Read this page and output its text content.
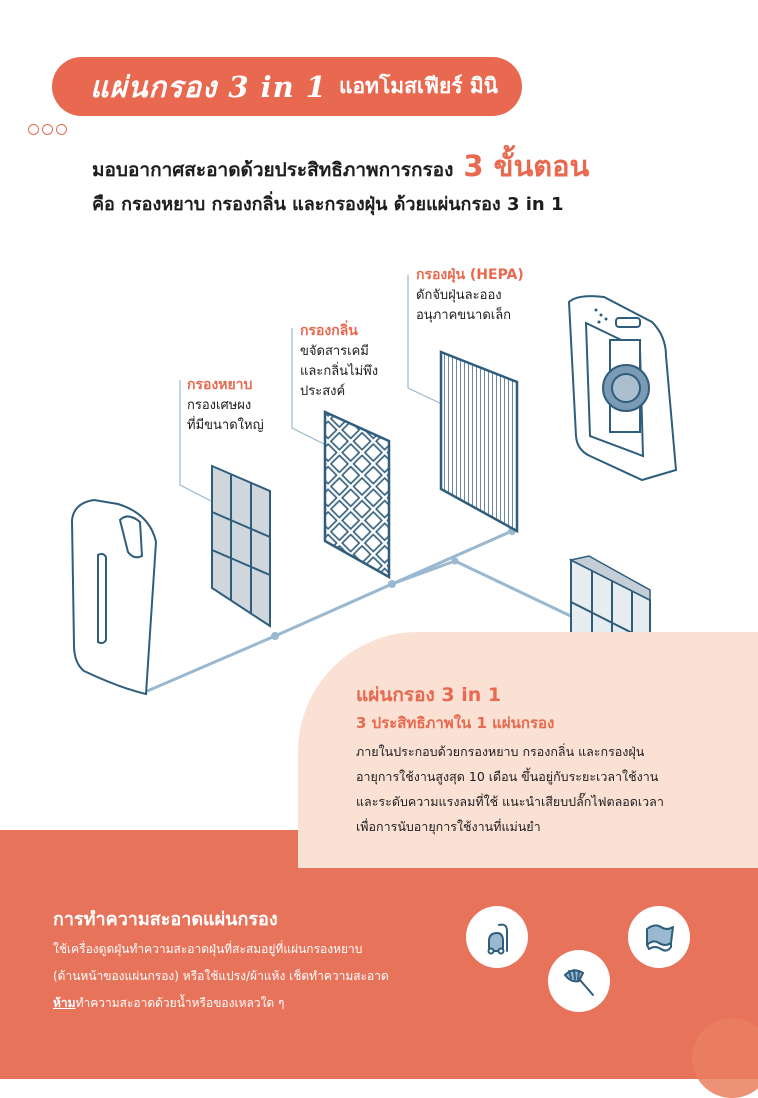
แผ่นกรอง 3 in 1 แอทโมสเฟียร์ มินิ
มอบอากาศสะอาดด้วยประสิทธิภาพการกรอง 3 ขั้นตอน
คือ กรองหยาบ กรองกลิ่น และกรองฝุ่น ด้วยแผ่นกรอง 3 in 1
กรองหยาบ
กรองเศษผง
ที่มีขนาดใหญ่
กรองกลิ่น
ขจัดสารเคมี
และกลิ่นไม่พึง
ประสงค์
กรองฝุ่น (HEPA)
ดักจับฝุ่นละออง
อนุภาคขนาดเล็ก
แผ่นกรอง 3 in 1
3 ประสิทธิภาพใน 1 แผ่นกรอง
ภายในประกอบด้วยกรองหยาบ กรองกลิ่น และกรองฝุ่น
อายุการใช้งานสูงสุด 10 เดือน ขึ้นอยู่กับระยะเวลาใช้งาน
และระดับความแรงลมที่ใช้ แนะนำเสียบปลั๊กไฟตลอดเวลา
เพื่อการนับอายุการใช้งานที่แม่นยำ
การทำความสะอาดแผ่นกรอง
ใช้เครื่องดูดฝุ่นทำความสะอาดฝุ่นที่สะสมอยู่ที่แผ่นกรองหยาบ
(ด้านหน้าของแผ่นกรอง) หรือใช้แปรง/ผ้าแห้ง เช็ดทำความสะอาด
ห้ามทำความสะอาดด้วยน้ำหรือของเหลวใด ๆ
